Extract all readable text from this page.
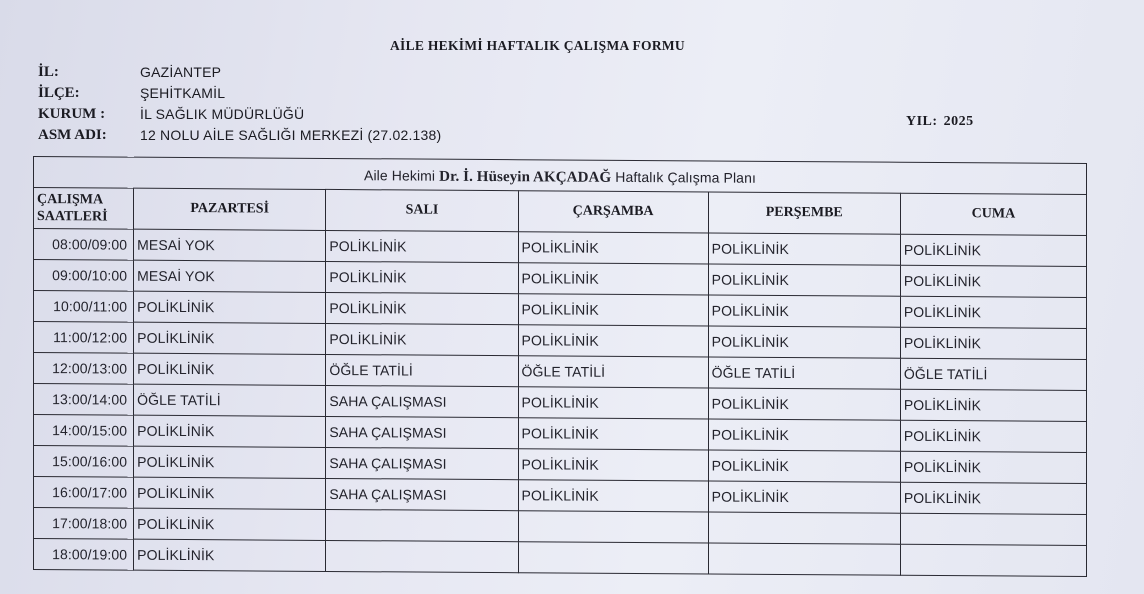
AİLE HEKİMİ HAFTALIK ÇALIŞMA FORMU
İL:	GAZİANTEP
İLÇE:	ŞEHİTKAMİL
KURUM :	İL SAĞLIK MÜDÜRLÜĞÜ
ASM ADI:	12 NOLU AİLE SAĞLIĞI MERKEZİ (27.02.138)
YIL: 2025
Aile Hekimi Dr. İ. Hüseyin AKÇADAĞ Haftalık Çalışma Planı					
ÇALIŞMA
SAATLERİ	PAZARTESİ	SALI	ÇARŞAMBA	PERŞEMBE	CUMA
08:00/09:00	MESAİ YOK	POLİKLİNİK	POLİKLİNİK	POLİKLİNİK	POLİKLİNİK
09:00/10:00	MESAİ YOK	POLİKLİNİK	POLİKLİNİK	POLİKLİNİK	POLİKLİNİK
10:00/11:00	POLİKLİNİK	POLİKLİNİK	POLİKLİNİK	POLİKLİNİK	POLİKLİNİK
11:00/12:00	POLİKLİNİK	POLİKLİNİK	POLİKLİNİK	POLİKLİNİK	POLİKLİNİK
12:00/13:00	POLİKLİNİK	ÖĞLE TATİLİ	ÖĞLE TATİLİ	ÖĞLE TATİLİ	ÖĞLE TATİLİ
13:00/14:00	ÖĞLE TATİLİ	SAHA ÇALIŞMASI	POLİKLİNİK	POLİKLİNİK	POLİKLİNİK
14:00/15:00	POLİKLİNİK	SAHA ÇALIŞMASI	POLİKLİNİK	POLİKLİNİK	POLİKLİNİK
15:00/16:00	POLİKLİNİK	SAHA ÇALIŞMASI	POLİKLİNİK	POLİKLİNİK	POLİKLİNİK
16:00/17:00	POLİKLİNİK	SAHA ÇALIŞMASI	POLİKLİNİK	POLİKLİNİK	POLİKLİNİK
17:00/18:00	POLİKLİNİK				
18:00/19:00	POLİKLİNİK				
